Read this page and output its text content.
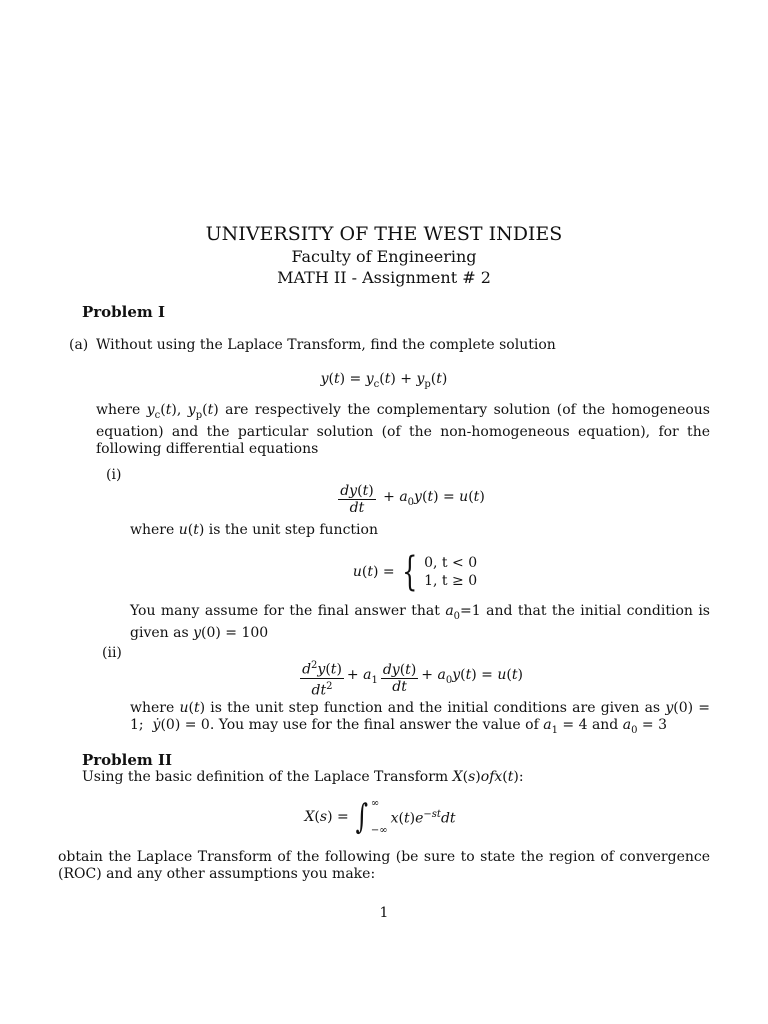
UNIVERSITY OF THE WEST INDIES
Faculty of Engineering
MATH II - Assignment # 2
Problem I
(a) Without using the Laplace Transform, find the complete solution
$y(t) = y_c(t) + y_p(t)$
where $y_c(t)$, $y_p(t)$ are respectively the complementary solution (of the homogeneous equation) and the particular solution (of the non-homogeneous equation), for the following differential equations
(i)
$\frac{dy(t)}{dt} + a_0y(t) = u(t)$
where u(t) is the unit step function
u(t) = { 0, t < 0
1, t ≥ 0
You many assume for the final answer that $a_0=1$ and that the initial condition is given as y(0) = 100
(ii)
$\frac{d^2y(t)}{dt^2} + a_1 \frac{dy(t)}{dt} + a_0y(t) = u(t)$
where u(t) is the unit step function and the initial conditions are given as y(0) = 1;  ẏ(0) = 0. You may use for the final answer the value of $a_1 = 4$ and $a_0 = 3$
Problem II
Using the basic definition of the Laplace Transform X(s)ofx(t):
X(s) = ∫ ∞
−∞
$x(t)e^{-st}dt$
obtain the Laplace Transform of the following (be sure to state the region of convergence (ROC) and any other assumptions you make:
1
